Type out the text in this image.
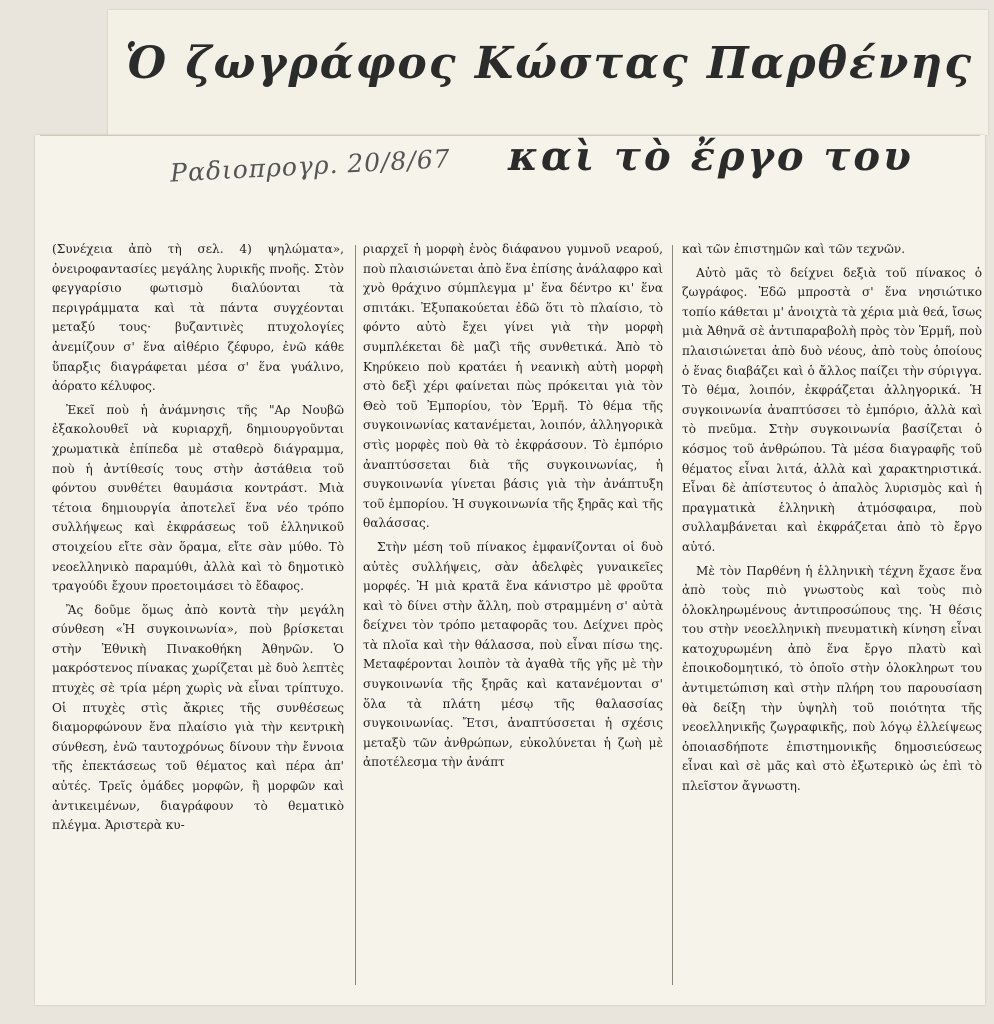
Ὁ ζωγράφος Κώστας Παρθένης
Ραδιοπρογρ. 20/8/67	καὶ τὸ ἔργο του

(Συνέχεια ἀπὸ τὴ σελ. 4) ψηλώματα», ὀνειροφαντασίες μεγάλης λυρικῆς πνοῆς. Στὸν φεγγαρίσιο φωτισμὸ διαλύονται τὰ περιγράμματα καὶ τὰ πάντα συγχέονται μεταξύ τους· βυζαντινὲς πτυχολογίες ἀνεμίζουν σ' ἕνα αἰθέριο ζέφυρο, ἐνῶ κάθε ὕπαρξις διαγράφεται μέσα σ' ἕνα γυάλινο, ἀόρατο κέλυφος.

Ἐκεῖ ποὺ ἡ ἀνάμνησις τῆς "Αρ Νουβῶ ἐξακολουθεῖ νὰ κυριαρχῆ, δημιουργοῦνται χρωματικὰ ἐπίπεδα μὲ σταθερὸ διάγραμμα, ποὺ ἡ ἀντίθεσίς τους στὴν ἀστάθεια τοῦ φόντου συνθέτει θαυμάσια κοντράστ. Μιὰ τέτοια δημιουργία ἀποτελεῖ ἕνα νέο τρόπο συλλήψεως καὶ ἐκφράσεως τοῦ ἑλληνικοῦ στοιχείου εἴτε σὰν ὅραμα, εἴτε σὰν μύθο. Τὸ νεοελληνικὸ παραμύθι, ἀλλὰ καὶ τὸ δημοτικὸ τραγούδι ἔχουν προετοιμάσει τὸ ἔδαφος.

Ἂς δοῦμε ὅμως ἀπὸ κοντὰ τὴν μεγάλη σύνθεση «Ἡ συγκοινωνία», ποὺ βρίσκεται στὴν Ἐθνικὴ Πινακοθήκη Ἀθηνῶν. Ὁ μακρόστενος πίνακας χωρίζεται μὲ δυὸ λεπτὲς πτυχὲς σὲ τρία μέρη χωρὶς νὰ εἶναι τρίπτυχο. Οἱ πτυχὲς στὶς ἄκριες τῆς συνθέσεως διαμορφώνουν ἕνα πλαίσιο γιὰ τὴν κεντρικὴ σύνθεση, ἐνῶ ταυτοχρόνως δίνουν τὴν ἔννοια τῆς ἐπεκτάσεως τοῦ θέματος καὶ πέρα ἀπ' αὐτές. Τρεῖς ὁμάδες μορφῶν, ἢ μορφῶν καὶ ἀντικειμένων, διαγράφουν τὸ θεματικὸ πλέγμα. Ἀριστερὰ κυ-

ριαρχεῖ ἡ μορφὴ ἑνὸς διάφανου γυμνοῦ νεαρού, ποὺ πλαισιώνεται ἀπὸ ἕνα ἐπίσης ἀνάλαφρο καὶ χνὸ θράχινο σύμπλεγμα μ' ἕνα δέντρο κι' ἕνα σπιτάκι. Ἐξυπακούεται ἐδῶ ὅτι τὸ πλαίσιο, τὸ φόντο αὐτὸ ἔχει γίνει γιὰ τὴν μορφὴ συμπλέκεται δὲ μαζὶ τῆς συνθετικά. Ἀπὸ τὸ Κηρύκειο ποὺ κρατάει ἡ νεανικὴ αὐτὴ μορφὴ στὸ δεξὶ χέρι φαίνεται πὼς πρόκειται γιὰ τὸν Θεὸ τοῦ Ἐμπορίου, τὸν Ἑρμῆ. Τὸ θέμα τῆς συγκοινωνίας κατανέμεται, λοιπόν, ἀλληγορικὰ στὶς μορφὲς ποὺ θὰ τὸ ἐκφράσουν. Τὸ ἐμπόριο ἀναπτύσσεται διὰ τῆς συγκοινωνίας, ἡ συγκοινωνία γίνεται βάσις γιὰ τὴν ἀνάπτυξη τοῦ ἐμπορίου. Ἡ συγκοινωνία τῆς ξηρᾶς καὶ τῆς θαλάσσας.

Στὴν μέση τοῦ πίνακος ἐμφανίζονται οἱ δυὸ αὐτὲς συλλήψεις, σὰν ἀδελφὲς γυναικεῖες μορφές. Ἡ μιὰ κρατᾶ ἕνα κάνιστρο μὲ φροῦτα καὶ τὸ δίνει στὴν ἄλλη, ποὺ στραμμένη σ' αὐτὰ δείχνει τὸν τρόπο μεταφορᾶς του. Δείχνει πρὸς τὰ πλοῖα καὶ τὴν θάλασσα, ποὺ εἶναι πίσω της. Μεταφέρονται λοιπὸν τὰ ἀγαθὰ τῆς γῆς μὲ τὴν συγκοινωνία τῆς ξηρᾶς καὶ κατανέμονται σ' ὅλα τὰ πλάτη μέσῳ τῆς θαλασσίας συγκοινωνίας. Ἔτσι, ἀναπτύσσεται ἡ σχέσις μεταξὺ τῶν ἀνθρώπων, εὐκολύνεται ἡ ζωὴ μὲ ἀποτέλεσμα τὴν ἀνάπτ

καὶ τῶν ἐπιστημῶν καὶ τῶν τεχνῶν.

Αὐτὸ μᾶς τὸ δείχνει δεξιὰ τοῦ πίνακος ὁ ζωγράφος. Ἐδῶ μπροστὰ σ' ἕνα νησιώτικο τοπίο κάθεται μ' ἀνοιχτὰ τὰ χέρια μιὰ θεά, ἴσως μιὰ Ἀθηνᾶ σὲ ἀντιπαραβολὴ πρὸς τὸν Ἑρμῆ, ποὺ πλαισιώνεται ἀπὸ δυὸ νέους, ἀπὸ τοὺς ὁποίους ὁ ἕνας διαβάζει καὶ ὁ ἄλλος παίζει τὴν σύριγγα. Τὸ θέμα, λοιπόν, ἐκφράζεται ἀλληγορικά. Ἡ συγκοινωνία ἀναπτύσσει τὸ ἐμπόριο, ἀλλὰ καὶ τὸ πνεῦμα. Στὴν συγκοινωνία βασίζεται ὁ κόσμος τοῦ ἀνθρώπου. Τὰ μέσα διαγραφῆς τοῦ θέματος εἶναι λιτά, ἀλλὰ καὶ χαρακτηριστικά. Εἶναι δὲ ἀπίστευτος ὁ ἀπαλὸς λυρισμὸς καὶ ἡ πραγματικὰ ἑλληνικὴ ἀτμόσφαιρα, ποὺ συλλαμβάνεται καὶ ἐκφράζεται ἀπὸ τὸ ἔργο αὐτό.

Μὲ τὸν Παρθένη ἡ ἑλληνικὴ τέχνη ἔχασε ἕνα ἀπὸ τοὺς πιὸ γνωστοὺς καὶ τοὺς πιὸ ὁλοκληρωμένους ἀντιπροσώπους της. Ἡ θέσις του στὴν νεοελληνικὴ πνευματικὴ κίνηση εἶναι κατοχυρωμένη ἀπὸ ἕνα ἔργο πλατὺ καὶ ἐποικοδομητικό, τὸ ὁποῖο στὴν ὁλοκληρωτ του ἀντιμετώπιση καὶ στὴν πλήρη του παρουσίαση θὰ δείξη τὴν ὑψηλὴ τοῦ ποιότητα τῆς νεοελληνικῆς ζωγραφικῆς, ποὺ λόγῳ ἐλλείψεως ὁποιασδήποτε ἐπιστημονικῆς δημοσιεύσεως εἶναι καὶ σὲ μᾶς καὶ στὸ ἐξωτερικὸ ὡς ἐπὶ τὸ πλεῖστον ἄγνωστη.
